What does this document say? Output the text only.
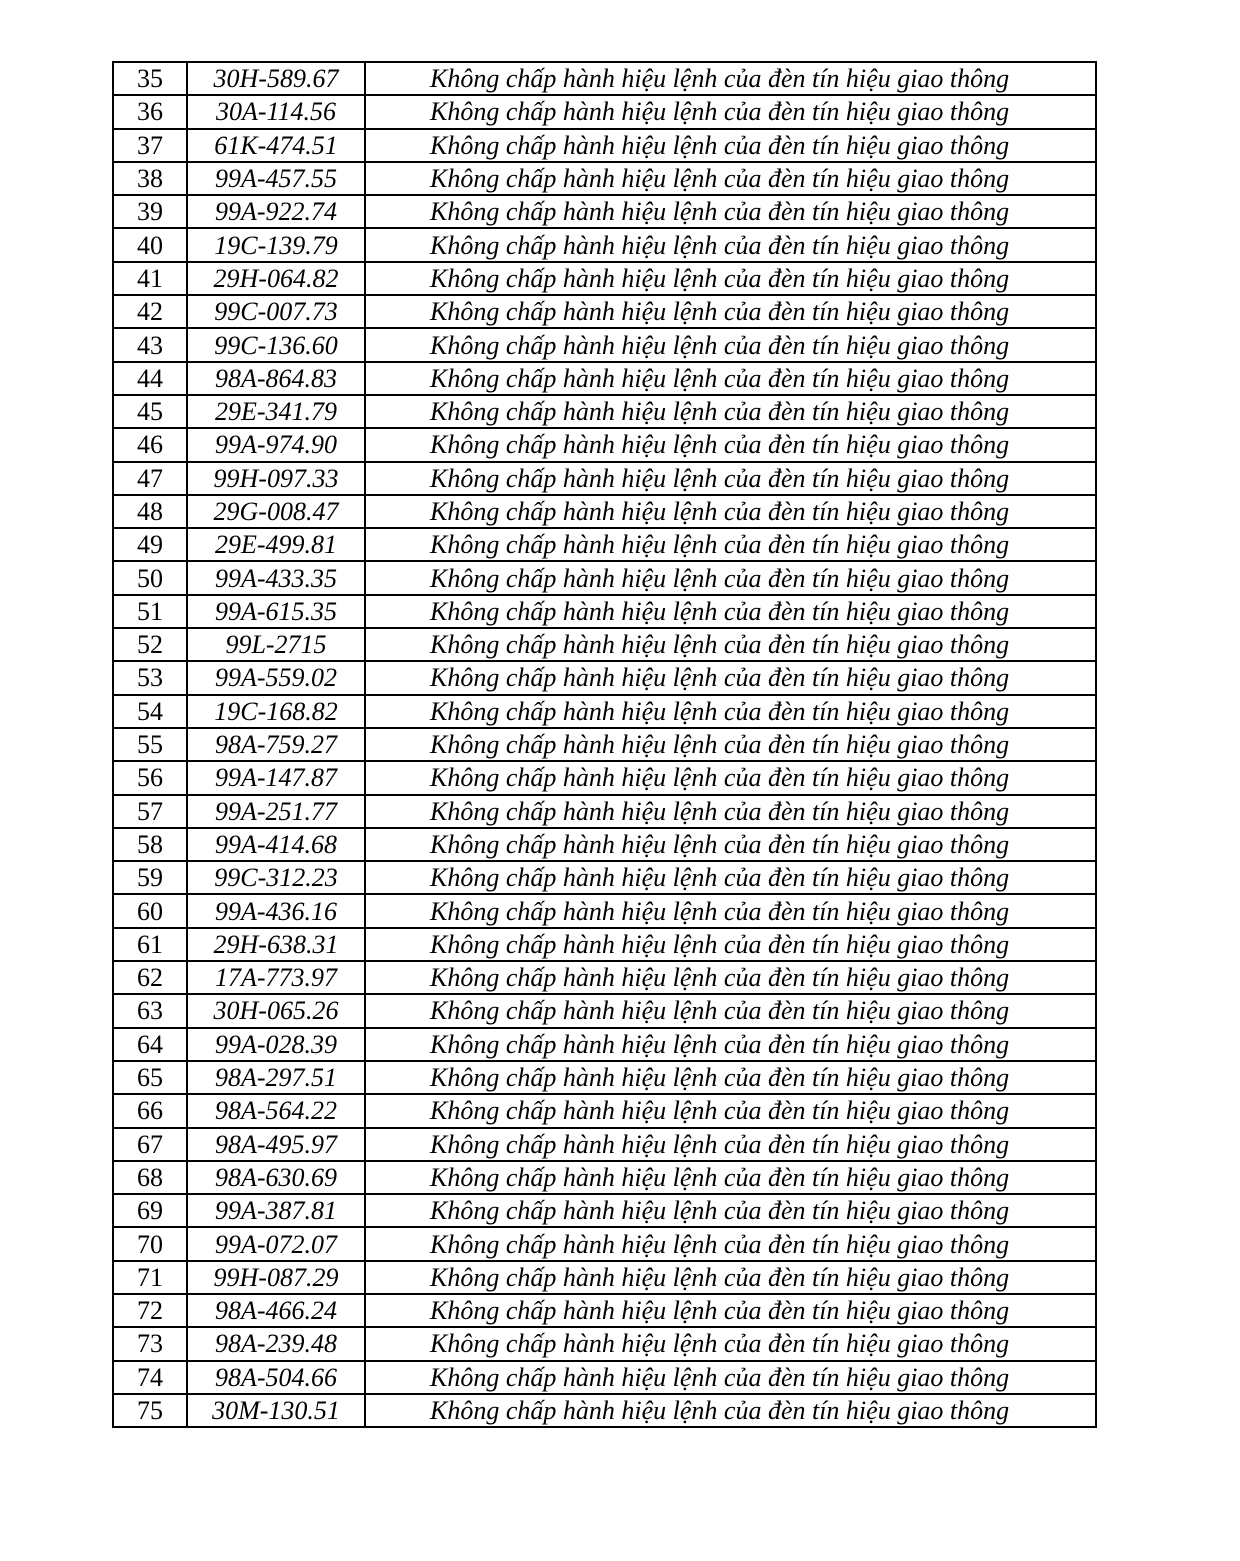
35	30H-589.67	Không chấp hành hiệu lệnh của đèn tín hiệu giao thông
36	30A-114.56	Không chấp hành hiệu lệnh của đèn tín hiệu giao thông
37	61K-474.51	Không chấp hành hiệu lệnh của đèn tín hiệu giao thông
38	99A-457.55	Không chấp hành hiệu lệnh của đèn tín hiệu giao thông
39	99A-922.74	Không chấp hành hiệu lệnh của đèn tín hiệu giao thông
40	19C-139.79	Không chấp hành hiệu lệnh của đèn tín hiệu giao thông
41	29H-064.82	Không chấp hành hiệu lệnh của đèn tín hiệu giao thông
42	99C-007.73	Không chấp hành hiệu lệnh của đèn tín hiệu giao thông
43	99C-136.60	Không chấp hành hiệu lệnh của đèn tín hiệu giao thông
44	98A-864.83	Không chấp hành hiệu lệnh của đèn tín hiệu giao thông
45	29E-341.79	Không chấp hành hiệu lệnh của đèn tín hiệu giao thông
46	99A-974.90	Không chấp hành hiệu lệnh của đèn tín hiệu giao thông
47	99H-097.33	Không chấp hành hiệu lệnh của đèn tín hiệu giao thông
48	29G-008.47	Không chấp hành hiệu lệnh của đèn tín hiệu giao thông
49	29E-499.81	Không chấp hành hiệu lệnh của đèn tín hiệu giao thông
50	99A-433.35	Không chấp hành hiệu lệnh của đèn tín hiệu giao thông
51	99A-615.35	Không chấp hành hiệu lệnh của đèn tín hiệu giao thông
52	99L-2715	Không chấp hành hiệu lệnh của đèn tín hiệu giao thông
53	99A-559.02	Không chấp hành hiệu lệnh của đèn tín hiệu giao thông
54	19C-168.82	Không chấp hành hiệu lệnh của đèn tín hiệu giao thông
55	98A-759.27	Không chấp hành hiệu lệnh của đèn tín hiệu giao thông
56	99A-147.87	Không chấp hành hiệu lệnh của đèn tín hiệu giao thông
57	99A-251.77	Không chấp hành hiệu lệnh của đèn tín hiệu giao thông
58	99A-414.68	Không chấp hành hiệu lệnh của đèn tín hiệu giao thông
59	99C-312.23	Không chấp hành hiệu lệnh của đèn tín hiệu giao thông
60	99A-436.16	Không chấp hành hiệu lệnh của đèn tín hiệu giao thông
61	29H-638.31	Không chấp hành hiệu lệnh của đèn tín hiệu giao thông
62	17A-773.97	Không chấp hành hiệu lệnh của đèn tín hiệu giao thông
63	30H-065.26	Không chấp hành hiệu lệnh của đèn tín hiệu giao thông
64	99A-028.39	Không chấp hành hiệu lệnh của đèn tín hiệu giao thông
65	98A-297.51	Không chấp hành hiệu lệnh của đèn tín hiệu giao thông
66	98A-564.22	Không chấp hành hiệu lệnh của đèn tín hiệu giao thông
67	98A-495.97	Không chấp hành hiệu lệnh của đèn tín hiệu giao thông
68	98A-630.69	Không chấp hành hiệu lệnh của đèn tín hiệu giao thông
69	99A-387.81	Không chấp hành hiệu lệnh của đèn tín hiệu giao thông
70	99A-072.07	Không chấp hành hiệu lệnh của đèn tín hiệu giao thông
71	99H-087.29	Không chấp hành hiệu lệnh của đèn tín hiệu giao thông
72	98A-466.24	Không chấp hành hiệu lệnh của đèn tín hiệu giao thông
73	98A-239.48	Không chấp hành hiệu lệnh của đèn tín hiệu giao thông
74	98A-504.66	Không chấp hành hiệu lệnh của đèn tín hiệu giao thông
75	30M-130.51	Không chấp hành hiệu lệnh của đèn tín hiệu giao thông
